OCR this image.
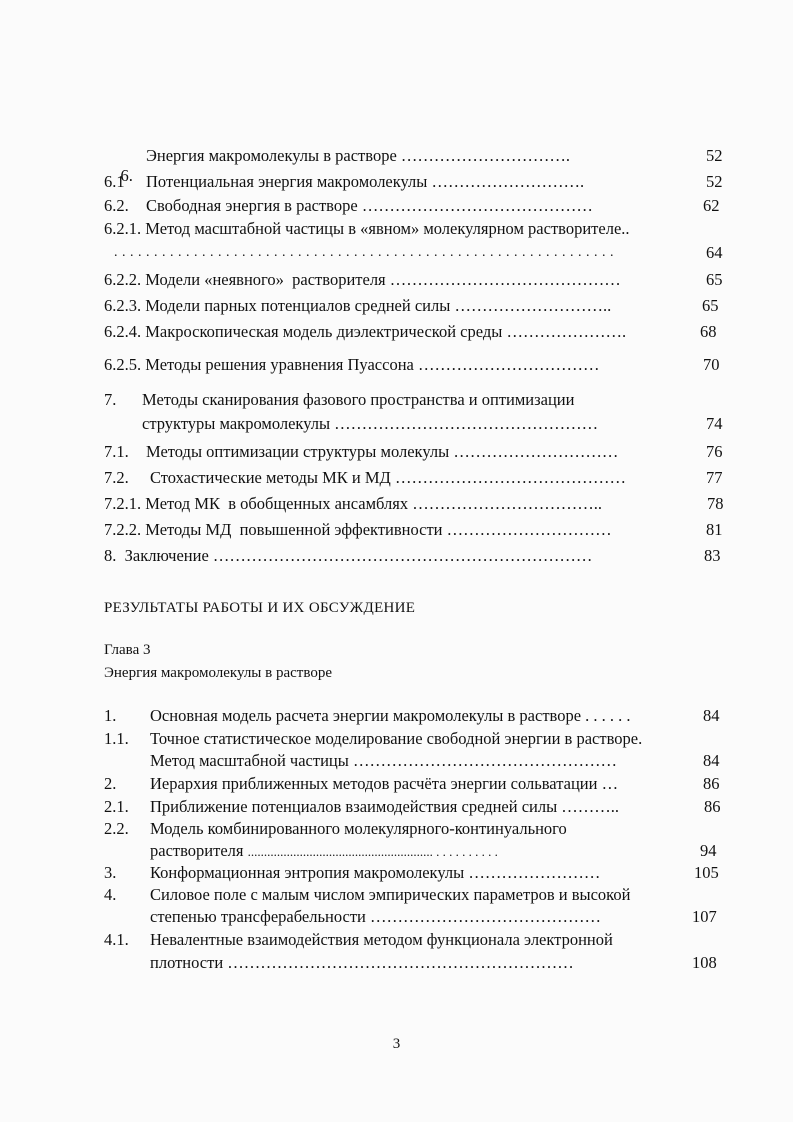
6.

Энергия макромолекулы в растворе ………………………….	52
6.1 Потенциальная энергия макромолекулы ……………………….	52
6.2. Свободная энергия в растворе ……………………………………	62
6.2.1. Метод масштабной частицы в «явном» молекулярном растворителе..
. . . . . . . . . . . . . . . . . . . . . . . . . . . . . . . . . . . . . . . . . . . . . . . . . . . . . . . . . . . . . . .	64
6.2.2. Модели «неявного»  растворителя ……………………………………	65
6.2.3. Модели парных потенциалов средней силы ………………………..	65
6.2.4. Макроскопическая модель диэлектрической среды ………………….	68
6.2.5. Методы решения уравнения Пуассона ……………………………	70
7. Методы сканирования фазового пространства и оптимизации
структуры макромолекулы …………………………………………	74
7.1. Методы оптимизации структуры молекулы …………………………	76
7.2. Стохастические методы МК и МД ……………………………………	77
7.2.1. Метод МК  в обобщенных ансамблях ……………………………..	78
7.2.2. Методы МД  повышенной эффективности …………………………	81
8. Заключение ……………………………………………………………	83
РЕЗУЛЬТАТЫ РАБОТЫ И ИХ ОБСУЖДЕНИЕ
Глава 3
Энергия макромолекулы в растворе
1. Основная модель расчета энергии макромолекулы в растворе . . . . . .	84
1.1. Точное статистическое моделирование свободной энергии в растворе.
Метод масштабной частицы …………………………………………	84
2. Иерархия приближенных методов расчёта энергии сольватации …	86
2.1. Приближение потенциалов взаимодействия средней силы ………..	86
2.2. Модель комбинированного молекулярного-континуального
растворителя ......................................................... . . . . . . . . . .	94
3. Конформационная энтропия макромолекулы ……………………	105
4. Силовое поле с малым числом эмпирических параметров и высокой
степенью трансферабельности ……………………………………	107
4.1. Невалентные взаимодействия методом функционала электронной
плотности ………………………………………………………	108
3
